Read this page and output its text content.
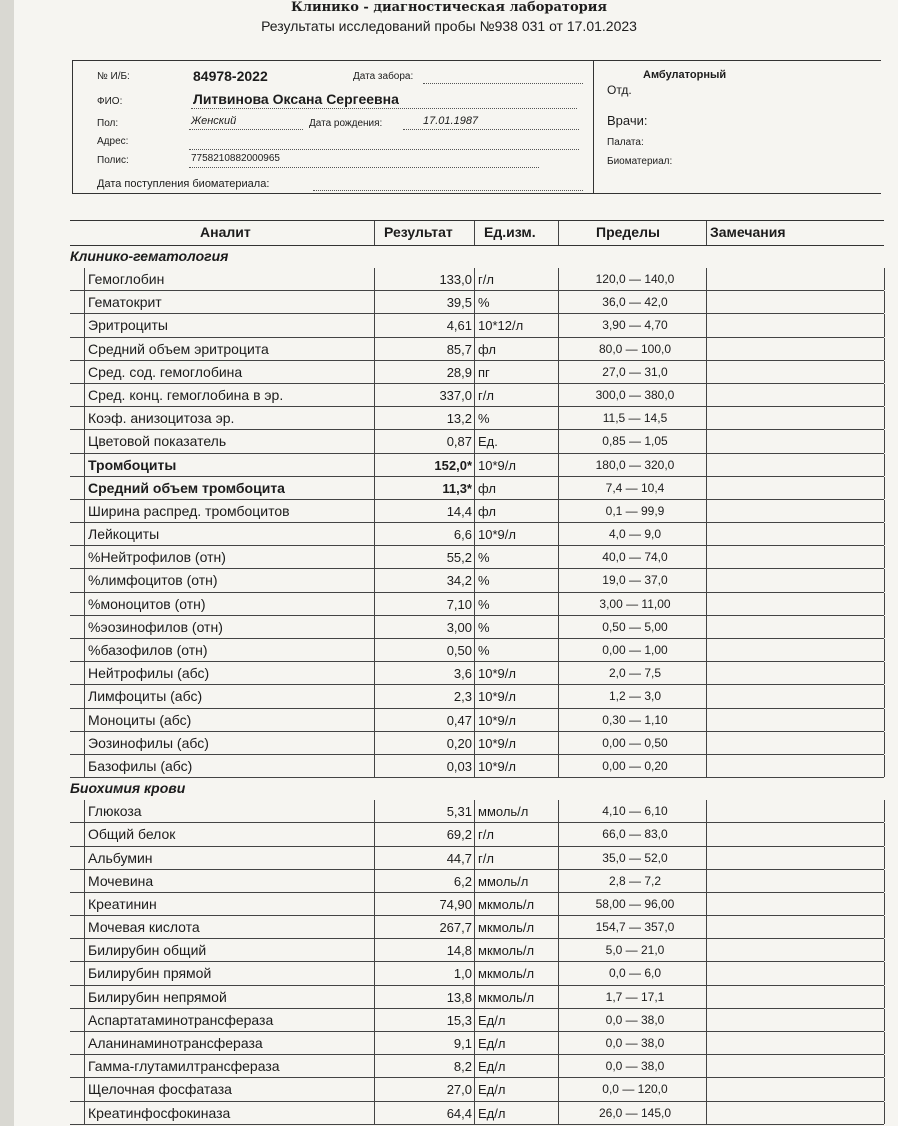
Клинико - диагностическая лаборатория
Результаты исследований пробы №938 031 от 17.01.2023
№ И/Б:	84978-2022	Дата забора:
ФИО:	Литвинова Оксана Сергеевна
Пол:	Женский	Дата рождения:	17.01.1987
Адрес:
Полис:	7758210882000965
Дата поступления биоматериала:
Амбулаторный
Отд.
Врачи:
Палата:
Биоматериал:
Аналит	Результат Ед.изм.	Пределы	Замечания
Клинико-гематология
Гемоглобин	133,0 г/л	120,0 — 140,0
Гематокрит	39,5 %	36,0 — 42,0
Эритроциты	4,61 10*12/л	3,90 — 4,70
Средний объем эритроцита	85,7 фл	80,0 — 100,0
Сред. сод. гемоглобина	28,9 пг	27,0 — 31,0
Сред. конц. гемоглобина в эр.	337,0 г/л	300,0 — 380,0
Коэф. анизоцитоза эр.	13,2 %	11,5 — 14,5
Цветовой показатель	0,87 Ед.	0,85 — 1,05
Тромбоциты	152,0* 10*9/л	180,0 — 320,0
Средний объем тромбоцита	11,3* фл	7,4 — 10,4
Ширина распред. тромбоцитов	14,4 фл	0,1 — 99,9
Лейкоциты	6,6 10*9/л	4,0 — 9,0
%Нейтрофилов (отн)	55,2 %	40,0 — 74,0
%лимфоцитов (отн)	34,2 %	19,0 — 37,0
%моноцитов (отн)	7,10 %	3,00 — 11,00
%эозинофилов (отн)	3,00 %	0,50 — 5,00
%базофилов (отн)	0,50 %	0,00 — 1,00
Нейтрофилы (абс)	3,6 10*9/л	2,0 — 7,5
Лимфоциты (абс)	2,3 10*9/л	1,2 — 3,0
Моноциты (абс)	0,47 10*9/л	0,30 — 1,10
Эозинофилы (абс)	0,20 10*9/л	0,00 — 0,50
Базофилы (абс)	0,03 10*9/л	0,00 — 0,20
Биохимия крови
Глюкоза	5,31 ммоль/л	4,10 — 6,10
Общий белок	69,2 г/л	66,0 — 83,0
Альбумин	44,7 г/л	35,0 — 52,0
Мочевина	6,2 ммоль/л	2,8 — 7,2
Креатинин	74,90 мкмоль/л	58,00 — 96,00
Мочевая кислота	267,7 мкмоль/л	154,7 — 357,0
Билирубин общий	14,8 мкмоль/л	5,0 — 21,0
Билирубин прямой	1,0 мкмоль/л	0,0 — 6,0
Билирубин непрямой	13,8 мкмоль/л	1,7 — 17,1
Аспартатаминотрансфераза	15,3 Ед/л	0,0 — 38,0
Аланинаминотрансфераза	9,1 Ед/л	0,0 — 38,0
Гамма-глутамилтрансфераза	8,2 Ед/л	0,0 — 38,0
Щелочная фосфатаза	27,0 Ед/л	0,0 — 120,0
Креатинфосфокиназа	64,4 Ед/л	26,0 — 145,0
